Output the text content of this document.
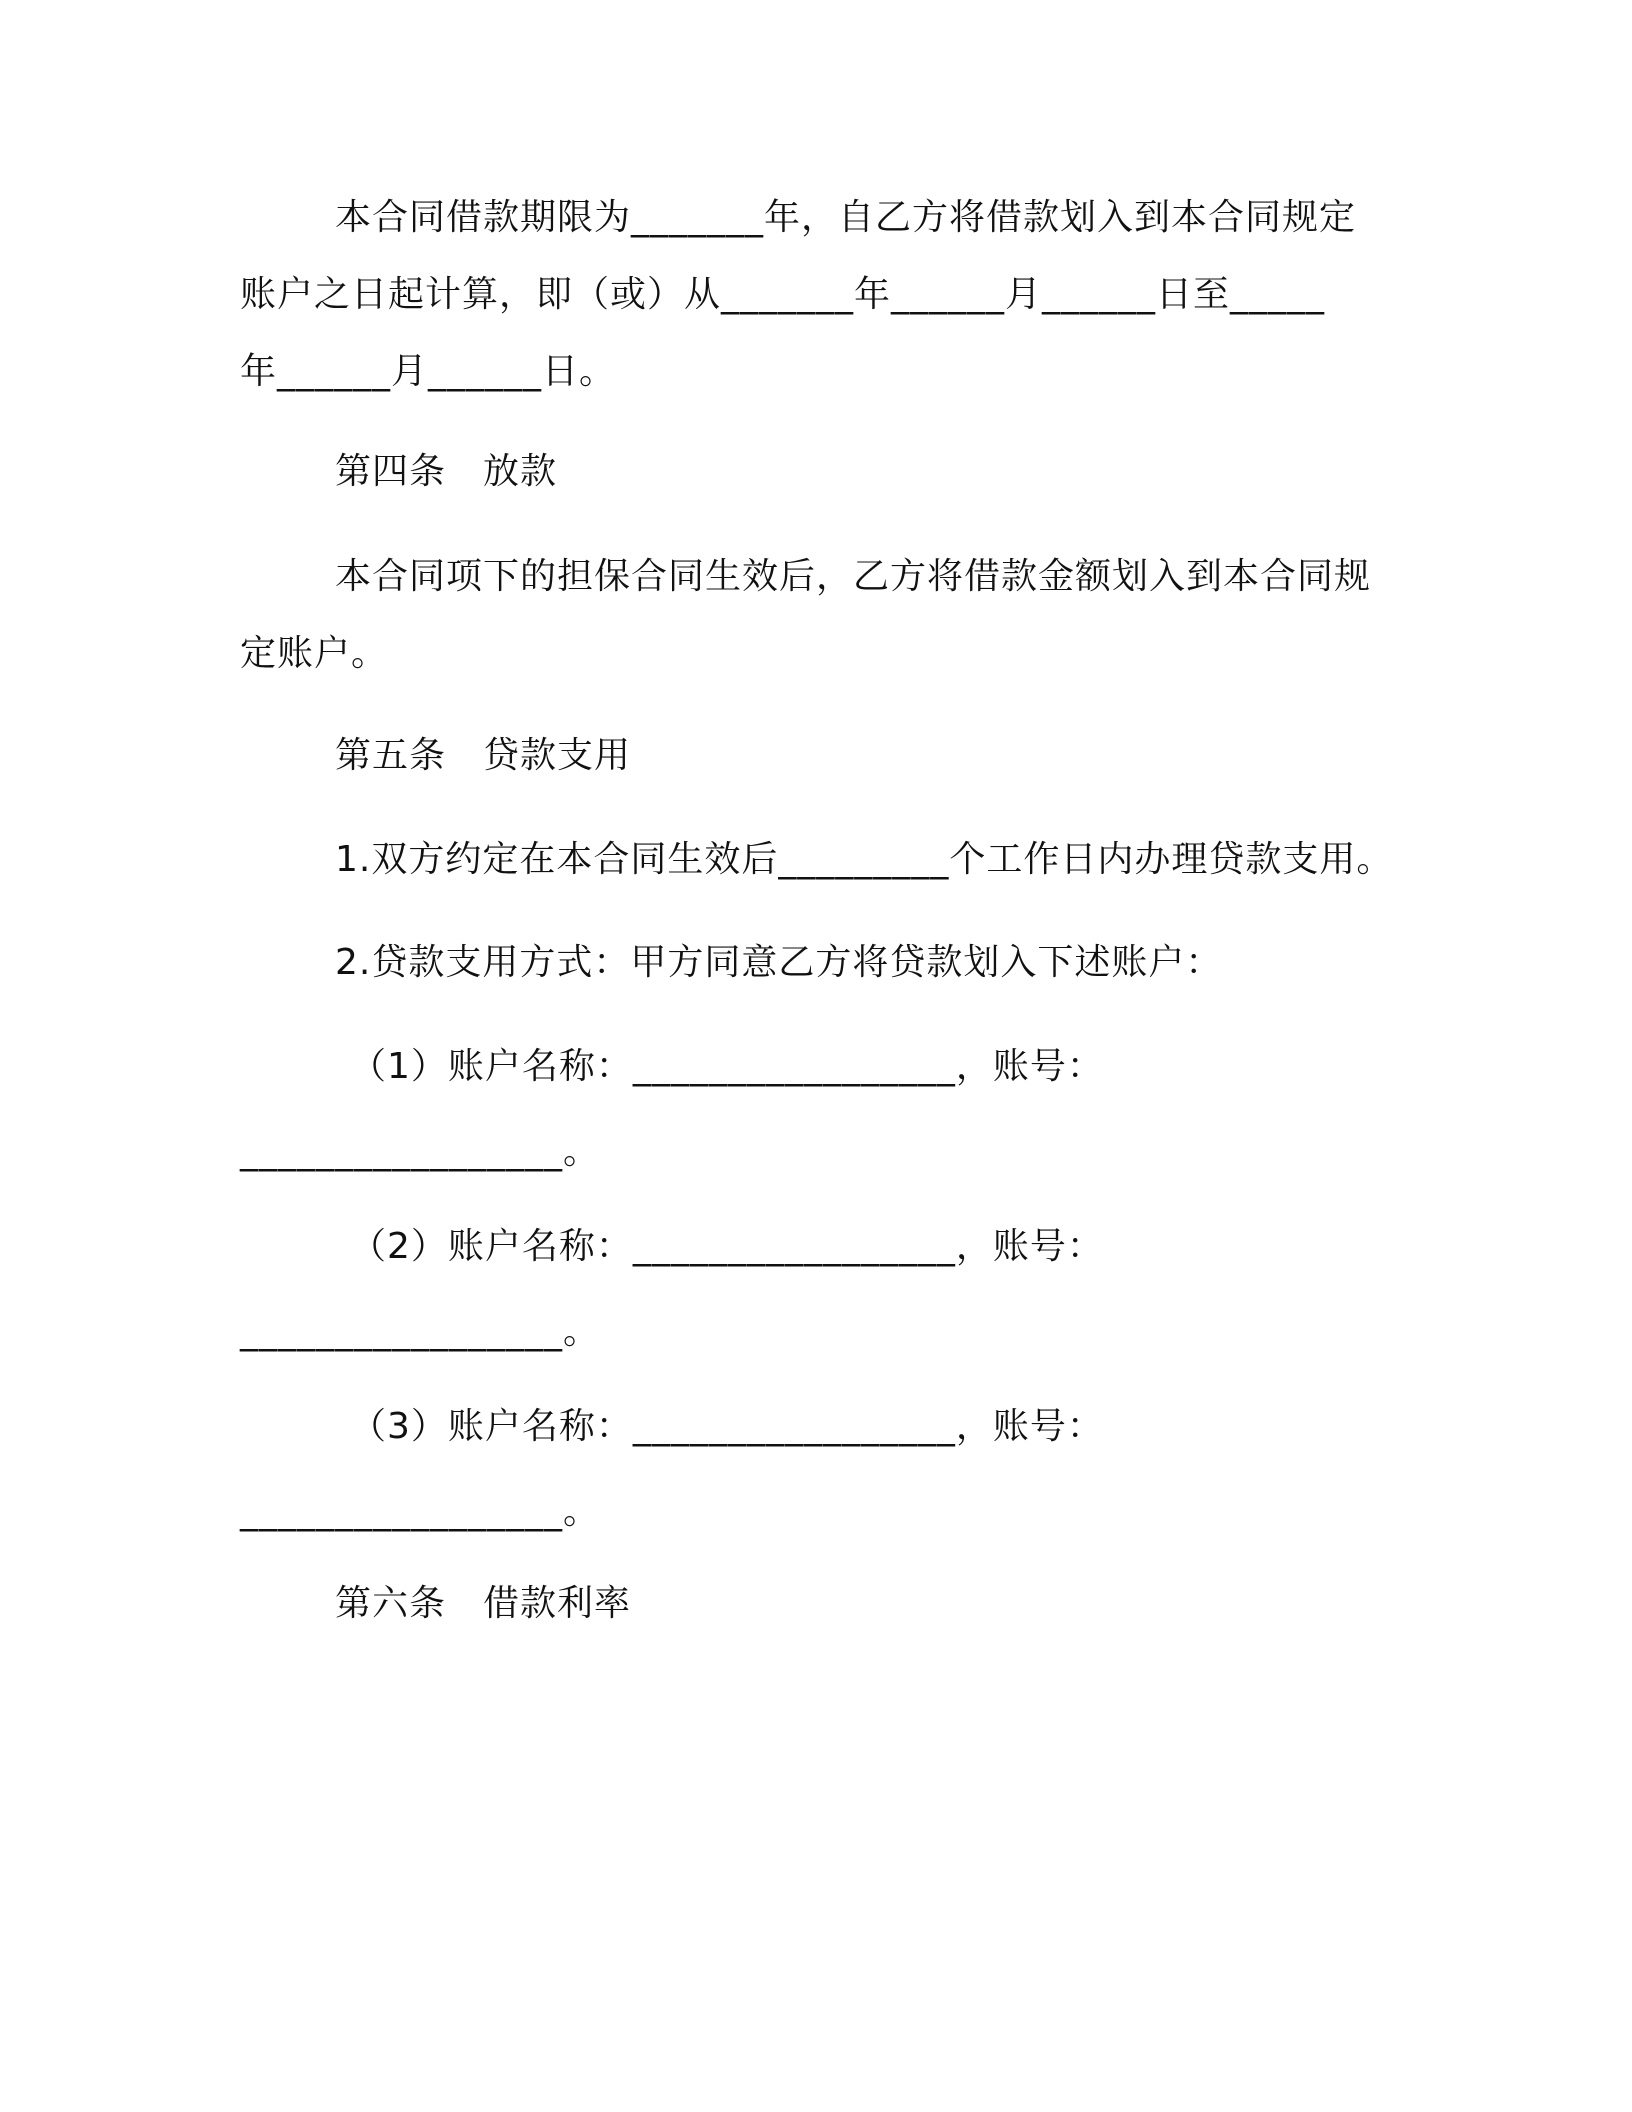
本合同借款期限为_______年，自乙方将借款划入到本合同规定
账户之日起计算，即（或）从_______年______月______日至_____
年______月______日。
第四条　放款
本合同项下的担保合同生效后，乙方将借款金额划入到本合同规
定账户。
第五条　贷款支用
1.双方约定在本合同生效后_________个工作日内办理贷款支用。
2.贷款支用方式：甲方同意乙方将贷款划入下述账户：
（1）账户名称：_________________，账号：
_________________。
（2）账户名称：_________________，账号：
_________________。
（3）账户名称：_________________，账号：
_________________。
第六条　借款利率
